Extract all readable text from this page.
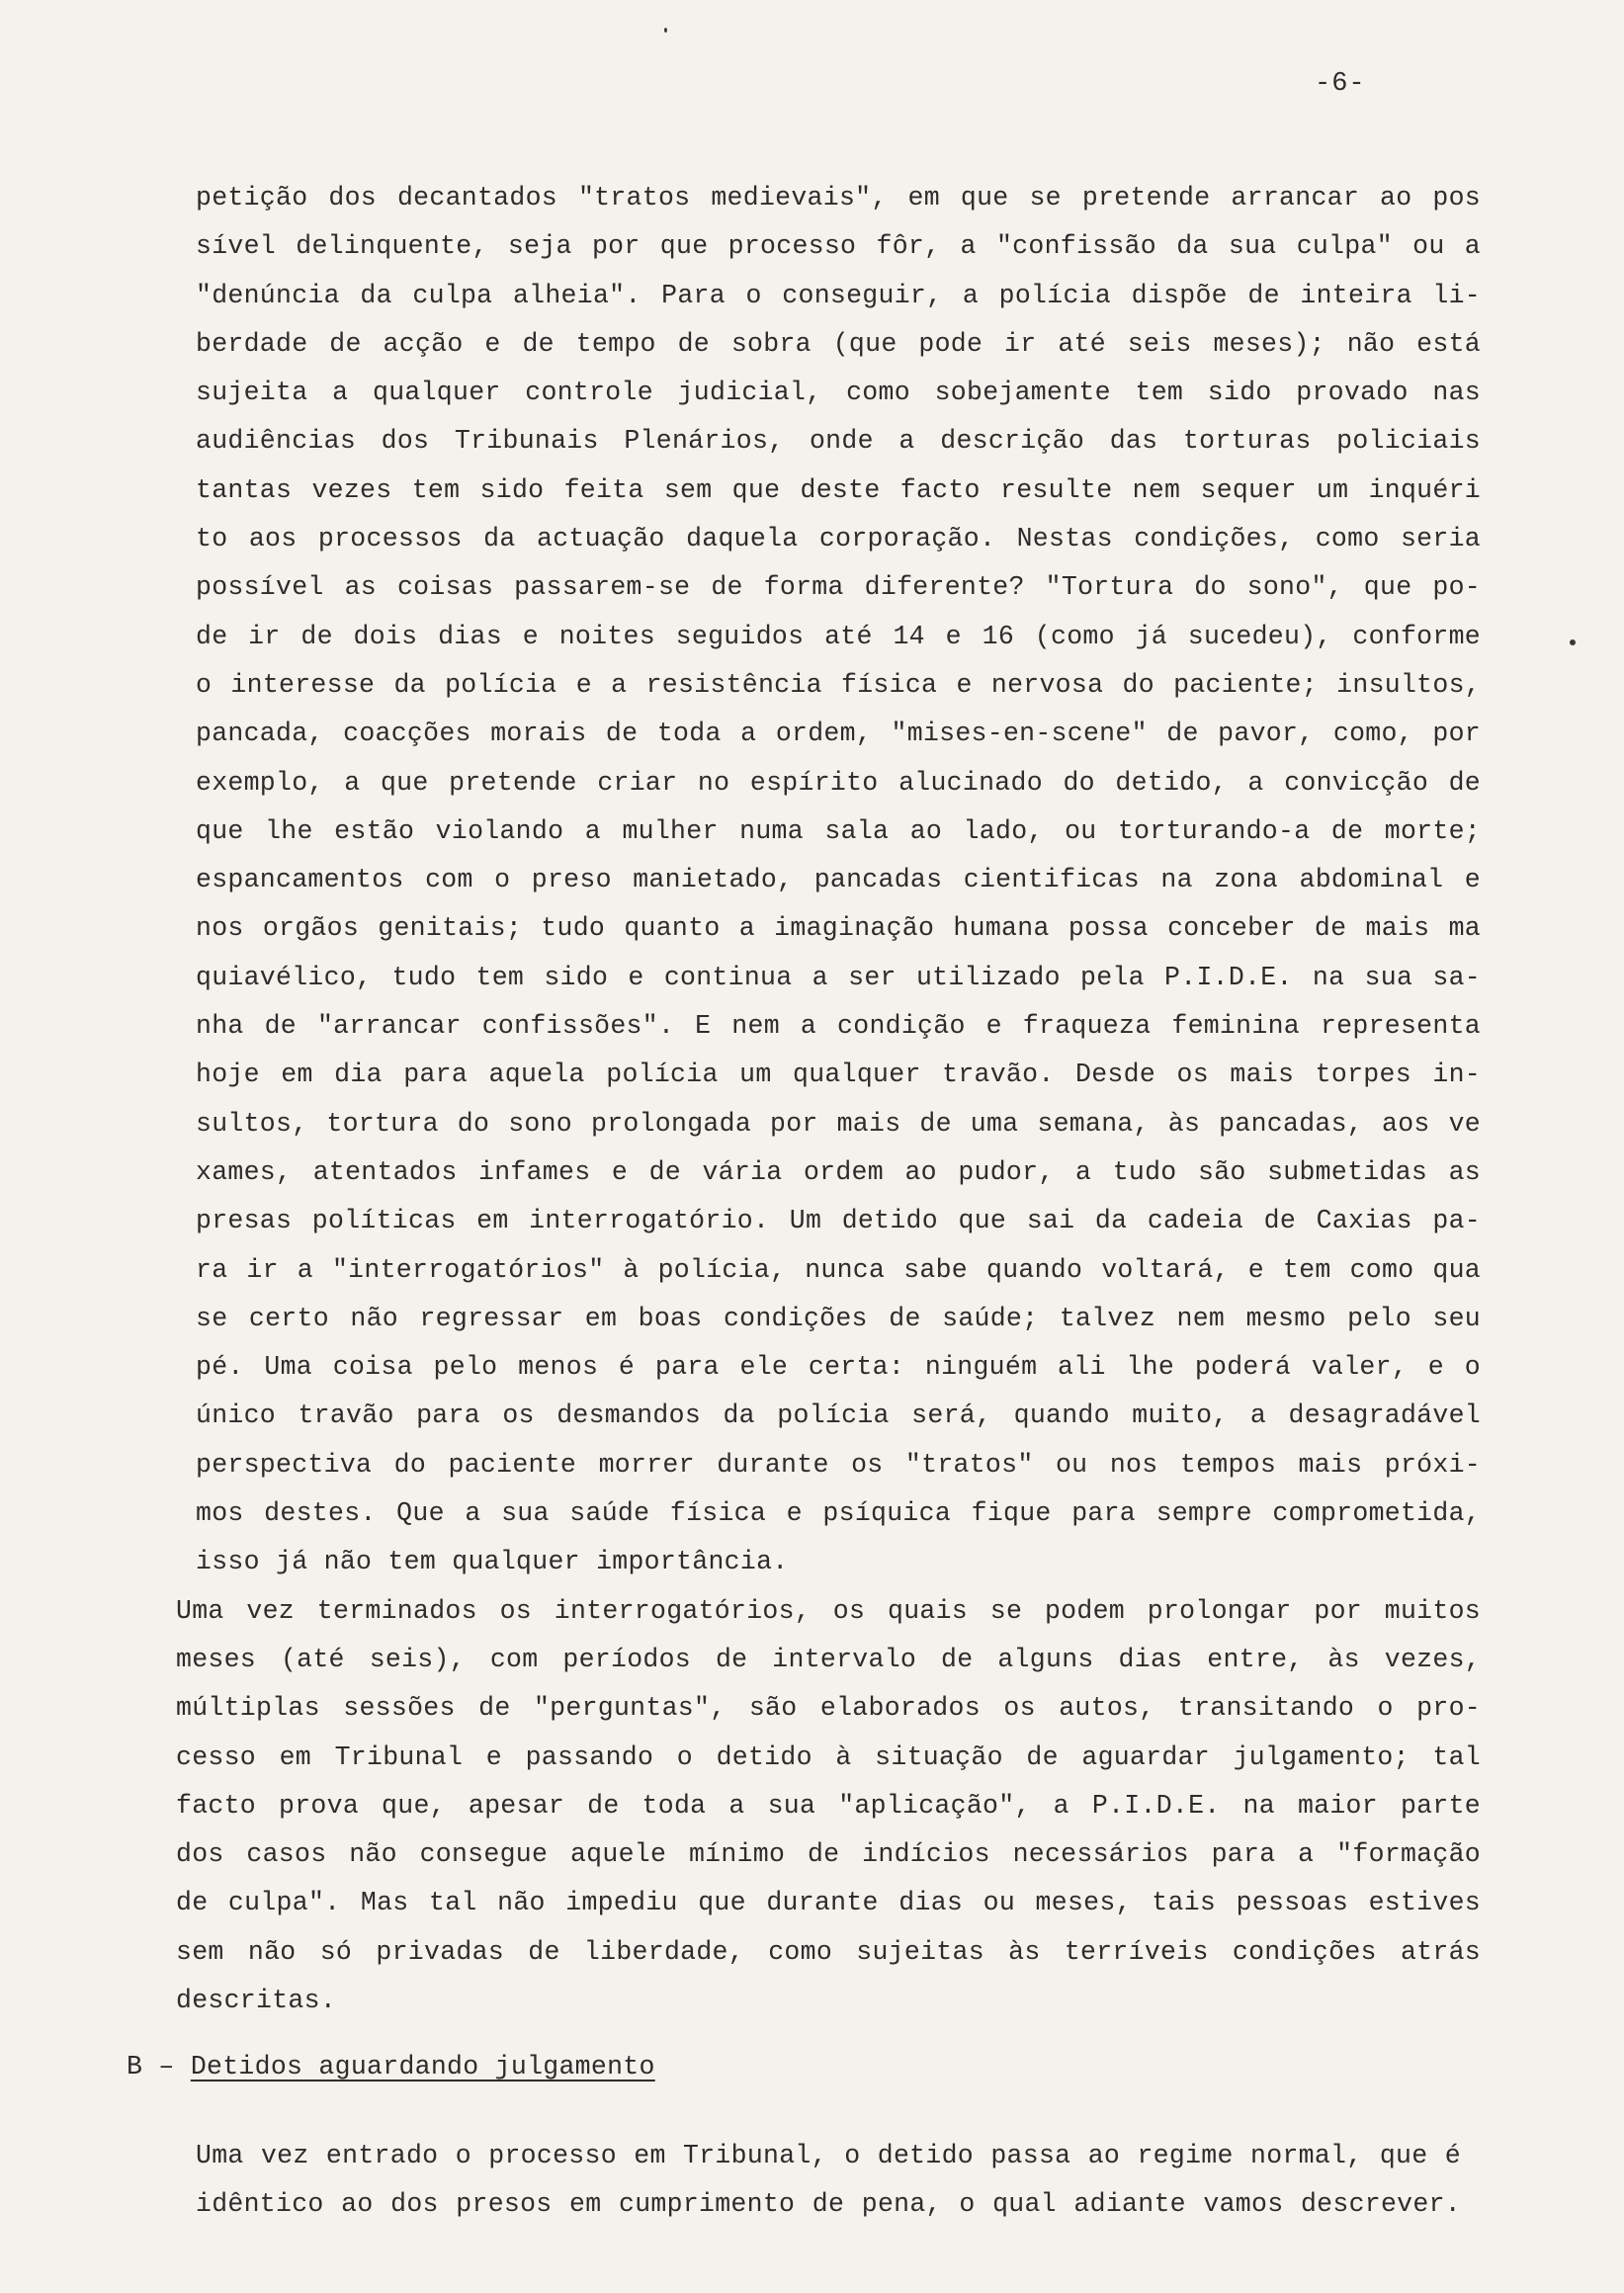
-6-
petição dos decantados "tratos medievais", em que se pretende arrancar ao pos
sível delinquente, seja por que processo fôr, a "confissão da sua culpa" ou a
"denúncia da culpa alheia". Para o conseguir, a polícia dispõe de inteira li-
berdade de acção e de tempo de sobra (que pode ir até seis meses); não está
sujeita a qualquer controle judicial, como sobejamente tem sido provado nas
audiências dos Tribunais Plenários, onde a descrição das torturas policiais
tantas vezes tem sido feita sem que deste facto resulte nem sequer um inquéri
to aos processos da actuação daquela corporação. Nestas condições, como seria
possível as coisas passarem-se de forma diferente? "Tortura do sono", que po-
de ir de dois dias e noites seguidos até 14 e 16 (como já sucedeu), conforme
o interesse da polícia e a resistência física e nervosa do paciente; insultos,
pancada, coacções morais de toda a ordem, "mises-en-scene" de pavor, como, por
exemplo, a que pretende criar no espírito alucinado do detido, a convicção de
que lhe estão violando a mulher numa sala ao lado, ou torturando-a de morte;
espancamentos com o preso manietado, pancadas cientificas na zona abdominal e
nos orgãos genitais; tudo quanto a imaginação humana possa conceber de mais ma
quiavélico, tudo tem sido e continua a ser utilizado pela P.I.D.E. na sua sa-
nha de "arrancar confissões". E nem a condição e fraqueza feminina representa
hoje em dia para aquela polícia um qualquer travão. Desde os mais torpes in-
sultos, tortura do sono prolongada por mais de uma semana, às pancadas, aos ve
xames, atentados infames e de vária ordem ao pudor, a tudo são submetidas as
presas políticas em interrogatório. Um detido que sai da cadeia de Caxias pa-
ra ir a "interrogatórios" à polícia, nunca sabe quando voltará, e tem como qua
se certo não regressar em boas condições de saúde; talvez nem mesmo pelo seu
pé. Uma coisa pelo menos é para ele certa: ninguém ali lhe poderá valer, e o
único travão para os desmandos da polícia será, quando muito, a desagradável
perspectiva do paciente morrer durante os "tratos" ou nos tempos mais próxi-
mos destes. Que a sua saúde física e psíquica fique para sempre comprometida,
isso já não tem qualquer importância.
Uma vez terminados os interrogatórios, os quais se podem prolongar por muitos
meses (até seis), com períodos de intervalo de alguns dias entre, às vezes,
múltiplas sessões de "perguntas", são elaborados os autos, transitando o pro-
cesso em Tribunal e passando o detido à situação de aguardar julgamento; tal
facto prova que, apesar de toda a sua "aplicação", a P.I.D.E. na maior parte
dos casos não consegue aquele mínimo de indícios necessários para a "formação
de culpa". Mas tal não impediu que durante dias ou meses, tais pessoas estives
sem não só privadas de liberdade, como sujeitas às terríveis condições atrás
descritas.
B – Detidos aguardando julgamento
Uma vez entrado o processo em Tribunal, o detido passa ao regime normal, que é
idêntico ao dos presos em cumprimento de pena, o qual adiante vamos descrever.
